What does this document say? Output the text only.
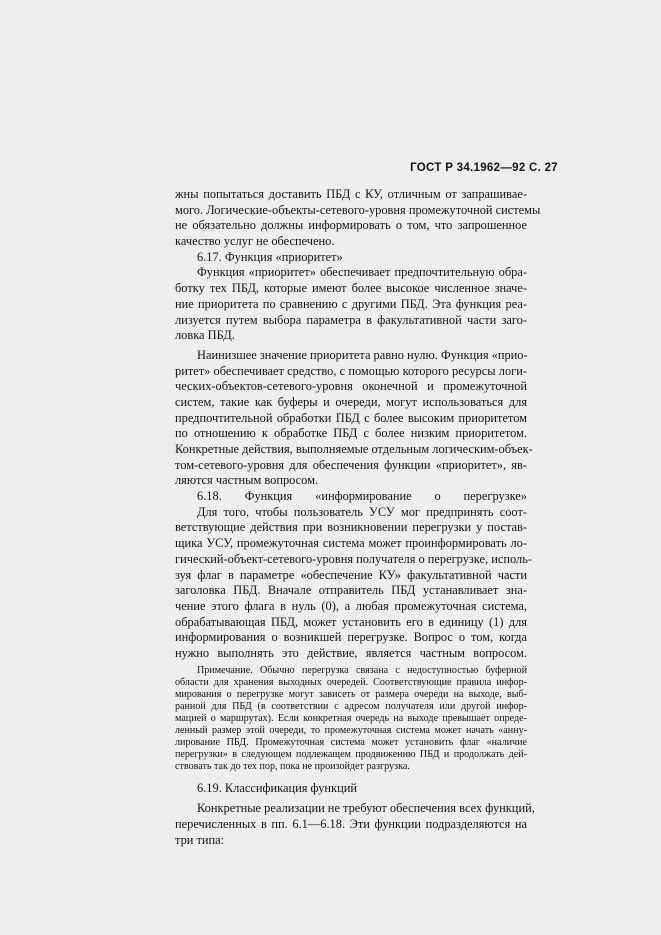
ГОСТ Р 34.1962—92 С. 27
жны попытаться доставить ПБД с КУ, отличным от запрашивае-
мого. Логические-объекты-сетевого-уровня промежуточной системы
не обязательно должны информировать о том, что запрошенное
качество услуг не обеспечено.
6.17. Функция «приоритет»
Функция «приоритет» обеспечивает предпочтительную обра-
ботку тех ПБД, которые имеют более высокое численное значе-
ние приоритета по сравнению с другими ПБД. Эта функция реа-
лизуется путем выбора параметра в факультативной части заго-
ловка ПБД.
Наинизшее значение приоритета равно нулю. Функция «прио-
ритет» обеспечивает средство, с помощью которого ресурсы логи-
ческих-объектов-сетевого-уровня оконечной и промежуточной
систем, такие как буферы и очереди, могут использоваться для
предпочтительной обработки ПБД с более высоким приоритетом
по отношению к обработке ПБД с более низким приоритетом.
Конкретные действия, выполняемые отдельным логическим-объек-
том-сетевого-уровня для обеспечения функции «приоритет», яв-
ляются частным вопросом.
6.18. Функция «информирование о перегрузке»
Для того, чтобы пользователь УСУ мог предпринять соот-
ветствующие действия при возникновении перегрузки у постав-
щика УСУ, промежуточная система может проинформировать ло-
гический-объект-сетевого-уровня получателя о перегрузке, исполь-
зуя флаг в параметре «обеспечение КУ» факультативной части
заголовка ПБД. Вначале отправитель ПБД устанавливает зна-
чение этого флага в нуль (0), а любая промежуточная система,
обрабатывающая ПБД, может установить его в единицу (1) для
информирования о возникшей перегрузке. Вопрос о том, когда
нужно выполнять это действие, является частным вопросом.
Примечание. Обычно перегрузка связана с недоступностью буферной
области для хранения выходных очередей. Соответствующие правила инфор-
мирования о перегрузке могут зависеть от размера очереди на выходе, выб-
ранной для ПБД (в соответствии с адресом получателя или другой инфор-
мацией о маршрутах). Если конкретная очередь на выходе превышает опреде-
ленный размер этой очереди, то промежуточная система может начать «анну-
лирование ПБД. Промежуточная система может установить флаг «наличие
перегрузки» в следующем подлежащем продвижению ПБД и продолжать дей-
ствовать так до тех пор, пока не произойдет разгрузка.
6.19. Классификация функций
Конкретные реализации не требуют обеспечения всех функций,
перечисленных в пп. 6.1—6.18. Эти функции подразделяются на
три типа:
